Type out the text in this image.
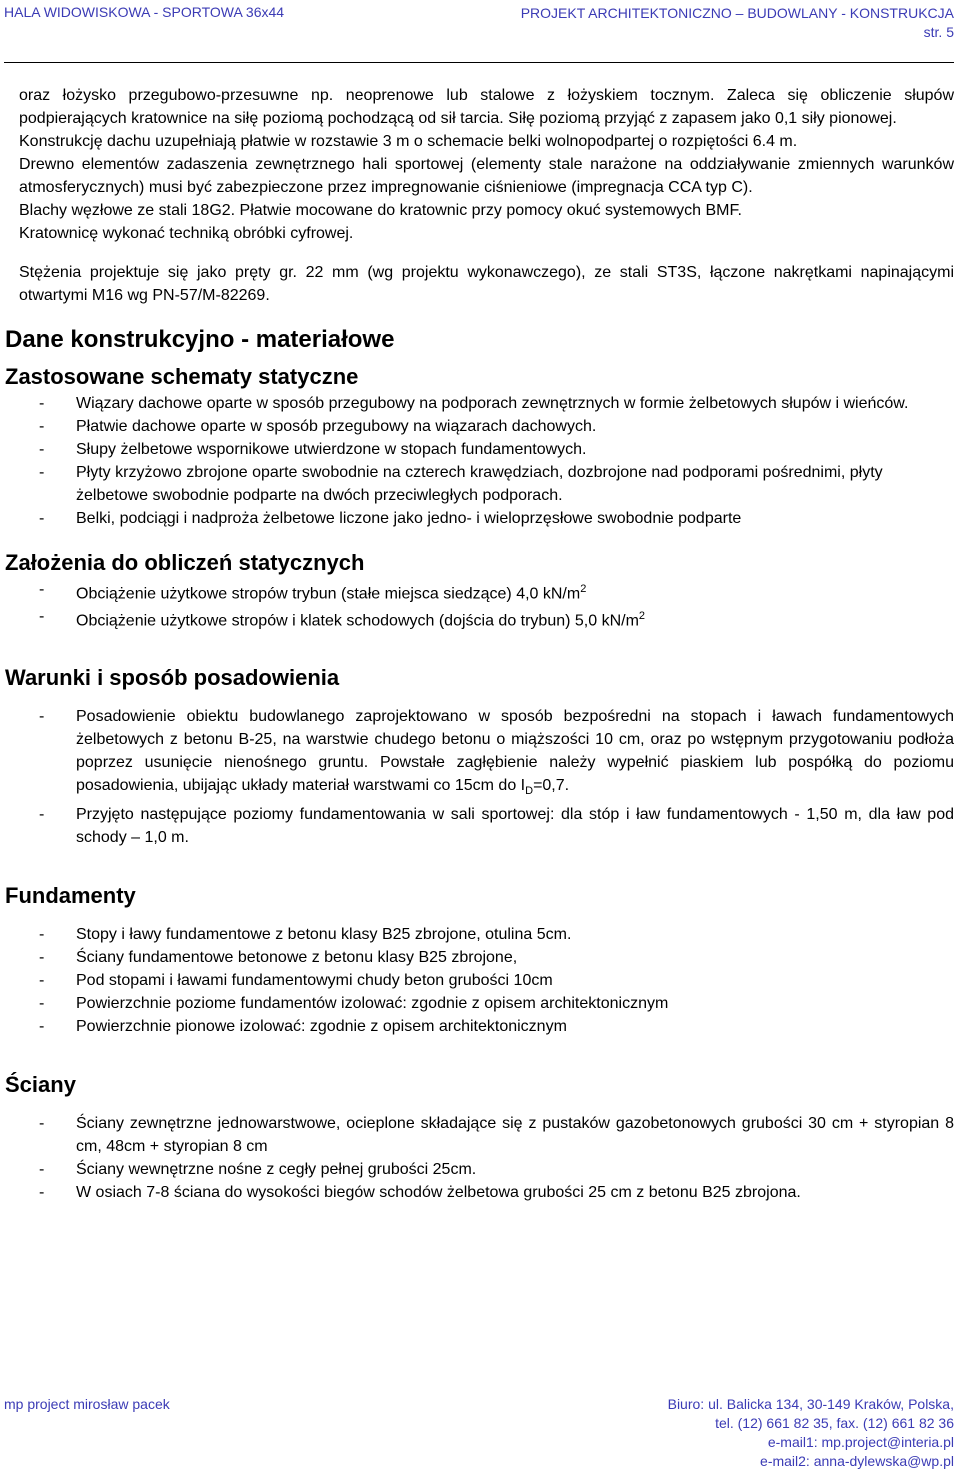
HALA WIDOWISKOWA - SPORTOWA 36x44	PROJEKT ARCHITEKTONICZNO – BUDOWLANY - KONSTRUKCJA
str. 5

oraz łożysko przegubowo-przesuwne np. neoprenowe lub stalowe z łożyskiem tocznym. Zaleca się obliczenie słupów podpierających kratownice na siłę poziomą pochodzącą od sił tarcia. Siłę poziomą przyjąć z zapasem jako 0,1 siły pionowej.

Konstrukcję dachu uzupełniają płatwie w rozstawie 3 m o schemacie belki wolnopodpartej o rozpiętości 6.4 m.

Drewno elementów zadaszenia zewnętrznego hali sportowej (elementy stale narażone na oddziaływanie zmiennych warunków atmosferycznych) musi być zabezpieczone przez impregnowanie ciśnieniowe (impregnacja CCA typ C).

Blachy węzłowe ze stali 18G2. Płatwie mocowane do kratownic przy pomocy okuć systemowych BMF.

Kratownicę wykonać techniką obróbki cyfrowej.

Stężenia projektuje się jako pręty gr. 22 mm (wg projektu wykonawczego), ze stali ST3S, łączone nakrętkami napinającymi otwartymi M16 wg PN-57/M-82269.

Dane konstrukcyjno - materiałowe
Zastosowane schematy statyczne
- Wiązary dachowe oparte w sposób przegubowy na podporach zewnętrznych w formie żelbetowych słupów i wieńców.
- Płatwie dachowe oparte w sposób przegubowy na wiązarach dachowych.
- Słupy żelbetowe wspornikowe utwierdzone w stopach fundamentowych.
- Płyty krzyżowo zbrojone oparte swobodnie na czterech krawędziach, dozbrojone nad podporami pośrednimi, płyty żelbetowe swobodnie podparte na dwóch przeciwległych podporach.
- Belki, podciągi i nadproża żelbetowe liczone jako jedno- i wieloprzęsłowe swobodnie podparte
Założenia do obliczeń statycznych
- Obciążenie użytkowe stropów trybun (stałe miejsca siedzące) 4,0 $kN/m^2$
- Obciążenie użytkowe stropów i klatek schodowych (dojścia do trybun) 5,0 $kN/m^2$
Warunki i sposób posadowienia
- Posadowienie obiektu budowlanego zaprojektowano w sposób bezpośredni na stopach i ławach fundamentowych żelbetowych z betonu B-25, na warstwie chudego betonu o miąższości 10 cm, oraz po wstępnym przygotowaniu podłoża poprzez usunięcie nienośnego gruntu. Powstałe zagłębienie należy wypełnić piaskiem lub pospółką do poziomu posadowienia, ubijając układy materiał warstwami co 15cm do $I_D=0,7$.
- Przyjęto następujące poziomy fundamentowania w sali sportowej: dla stóp i ław fundamentowych - 1,50 m, dla ław pod schody – 1,0 m.
Fundamenty
- Stopy i ławy fundamentowe z betonu klasy B25 zbrojone, otulina 5cm.
- Ściany fundamentowe betonowe z betonu klasy B25 zbrojone,
- Pod stopami i ławami fundamentowymi chudy beton grubości 10cm
- Powierzchnie poziome fundamentów izolować: zgodnie z opisem architektonicznym
- Powierzchnie pionowe izolować: zgodnie z opisem architektonicznym
Ściany
- Ściany zewnętrzne jednowarstwowe, ocieplone składające się z pustaków gazobetonowych grubości 30 cm + styropian 8 cm, 48cm + styropian 8 cm
- Ściany wewnętrzne nośne z cegły pełnej grubości 25cm.
- W osiach 7-8 ściana do wysokości biegów schodów żelbetowa grubości 25 cm z betonu B25 zbrojona.
mp project mirosław pacek	Biuro: ul. Balicka 134, 30-149 Kraków, Polska,
tel. (12) 661 82 35, fax. (12) 661 82 36
e-mail1: mp.project@interia.pl
e-mail2: anna-dylewska@wp.pl
